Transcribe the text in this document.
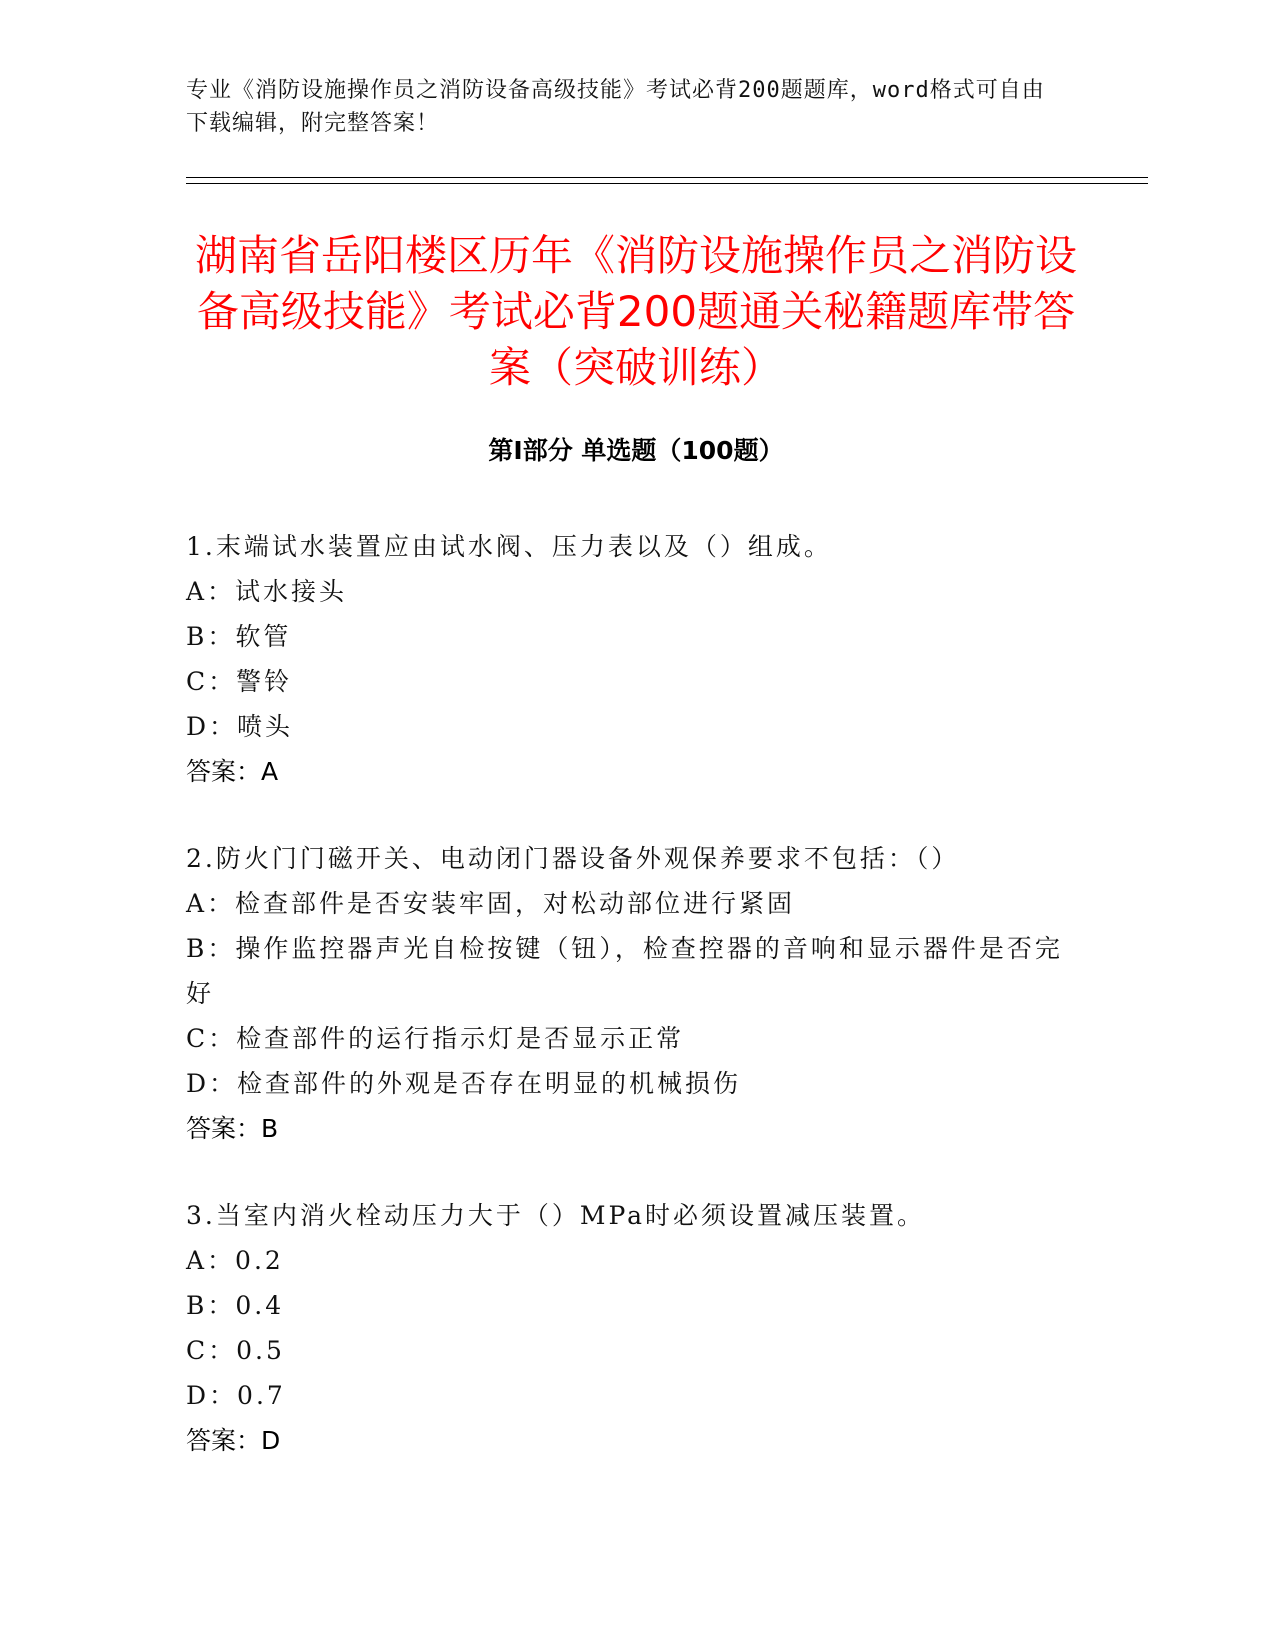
专业《消防设施操作员之消防设备高级技能》考试必背200题题库，word格式可自由下载编辑，附完整答案！
湖南省岳阳楼区历年《消防设施操作员之消防设备高级技能》考试必背200题通关秘籍题库带答案（突破训练）
第Ⅰ部分 单选题（100题）

1.末端试水装置应由试水阀、压力表以及（）组成。

A：试水接头

B：软管

C：警铃

D：喷头

答案：A

2.防火门门磁开关、电动闭门器设备外观保养要求不包括：（）

A：检查部件是否安装牢固，对松动部位进行紧固

B：操作监控器声光自检按键（钮），检查控器的音响和显示器件是否完好

C：检查部件的运行指示灯是否显示正常

D：检查部件的外观是否存在明显的机械损伤

答案：B

3.当室内消火栓动压力大于（）MPa时必须设置减压装置。

A：0.2

B：0.4

C：0.5

D：0.7

答案：D
